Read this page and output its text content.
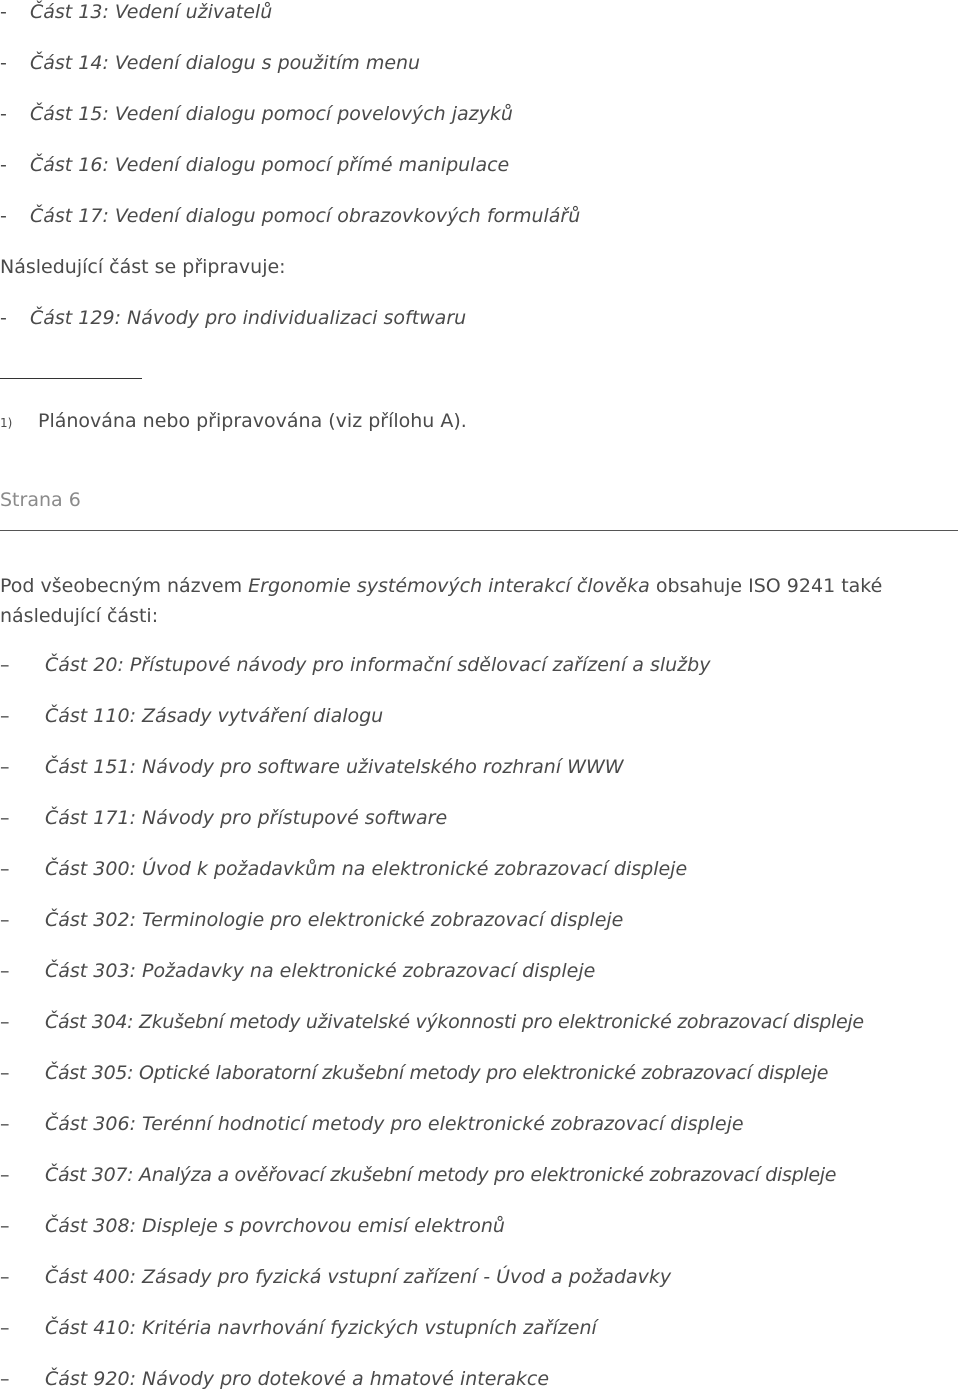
- Část 13: Vedení uživatelů
- Část 14: Vedení dialogu s použitím menu
- Část 15: Vedení dialogu pomocí povelových jazyků
- Část 16: Vedení dialogu pomocí přímé manipulace
- Část 17: Vedení dialogu pomocí obrazovkových formulářů
Následující část se připravuje:
- Část 129: Návody pro individualizaci softwaru
1) Plánována nebo připravována (viz přílohu A).
Strana 6
Pod všeobecným názvem Ergonomie systémových interakcí člověka obsahuje ISO 9241 také
následující části:
– Část 20: Přístupové návody pro informační sdělovací zařízení a služby
– Část 110: Zásady vytváření dialogu
– Část 151: Návody pro software uživatelského rozhraní WWW
– Část 171: Návody pro přístupové software
– Část 300: Úvod k požadavkům na elektronické zobrazovací displeje
– Část 302: Terminologie pro elektronické zobrazovací displeje
– Část 303: Požadavky na elektronické zobrazovací displeje
– Část 304: Zkušební metody uživatelské výkonnosti pro elektronické zobrazovací displeje
– Část 305: Optické laboratorní zkušební metody pro elektronické zobrazovací displeje
– Část 306: Terénní hodnoticí metody pro elektronické zobrazovací displeje
– Část 307: Analýza a ověřovací zkušební metody pro elektronické zobrazovací displeje
– Část 308: Displeje s povrchovou emisí elektronů
– Část 400: Zásady pro fyzická vstupní zařízení - Úvod a požadavky
– Část 410: Kritéria navrhování fyzických vstupních zařízení
– Část 920: Návody pro dotekové a hmatové interakce
